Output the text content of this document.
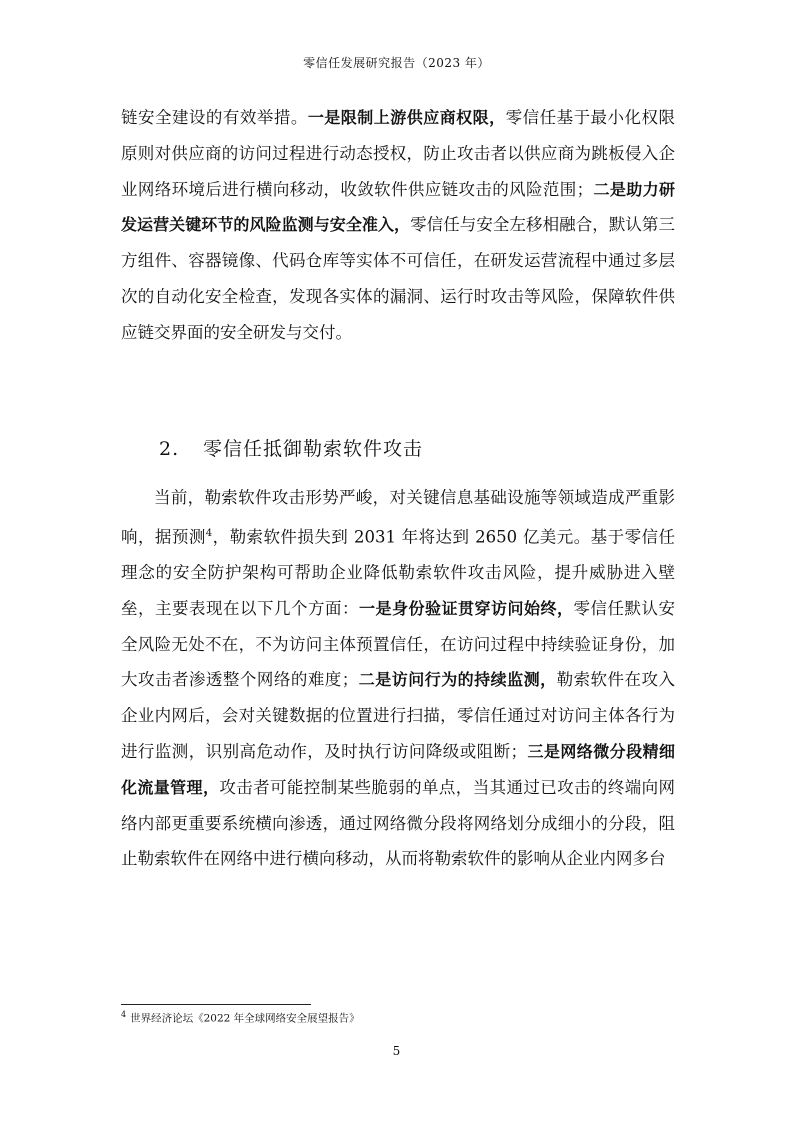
零信任发展研究报告（2023 年）
链安全建设的有效举措。一是限制上游供应商权限，零信任基于最小化权限原则对供应商的访问过程进行动态授权，防止攻击者以供应商为跳板侵入企业网络环境后进行横向移动，收敛软件供应链攻击的风险范围；二是助力研发运营关键环节的风险监测与安全准入，零信任与安全左移相融合，默认第三方组件、容器镜像、代码仓库等实体不可信任，在研发运营流程中通过多层次的自动化安全检查，发现各实体的漏洞、运行时攻击等风险，保障软件供应链交界面的安全研发与交付。
2. 零信任抵御勒索软件攻击
当前，勒索软件攻击形势严峻，对关键信息基础设施等领域造成严重影响，据预测$^4$，勒索软件损失到 2031 年将达到 2650 亿美元。基于零信任理念的安全防护架构可帮助企业降低勒索软件攻击风险，提升威胁进入壁垒，主要表现在以下几个方面：一是身份验证贯穿访问始终，零信任默认安全风险无处不在，不为访问主体预置信任，在访问过程中持续验证身份，加大攻击者渗透整个网络的难度；二是访问行为的持续监测，勒索软件在攻入企业内网后，会对关键数据的位置进行扫描，零信任通过对访问主体各行为进行监测，识别高危动作，及时执行访问降级或阻断；三是网络微分段精细化流量管理，攻击者可能控制某些脆弱的单点，当其通过已攻击的终端向网络内部更重要系统横向渗透，通过网络微分段将网络划分成细小的分段，阻止勒索软件在网络中进行横向移动，从而将勒索软件的影响从企业内网多台
$^4$ 世界经济论坛《2022 年全球网络安全展望报告》
5
